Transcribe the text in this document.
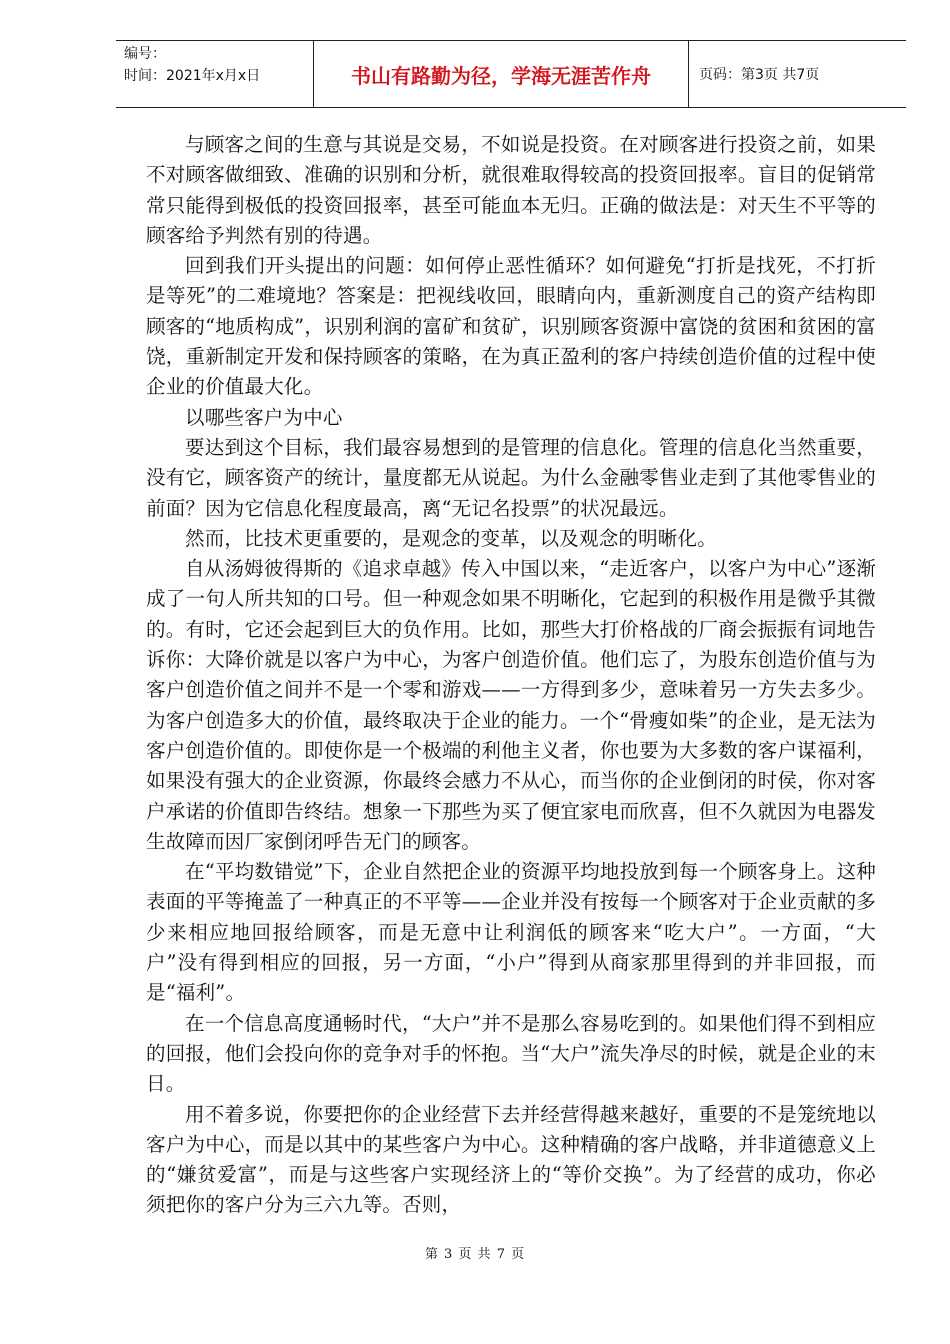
编号：
时间：2021年x月x日	书山有路勤为径，学海无涯苦作舟	页码：第3页 共7页

与顾客之间的生意与其说是交易，不如说是投资。在对顾客进行投资之前，如果不对顾客做细致、准确的识别和分析，就很难取得较高的投资回报率。盲目的促销常常只能得到极低的投资回报率，甚至可能血本无归。正确的做法是：对天生不平等的顾客给予判然有别的待遇。

回到我们开头提出的问题：如何停止恶性循环？如何避免“打折是找死，不打折是等死”的二难境地？答案是：把视线收回，眼睛向内，重新测度自己的资产结构即顾客的“地质构成”，识别利润的富矿和贫矿，识别顾客资源中富饶的贫困和贫困的富饶，重新制定开发和保持顾客的策略，在为真正盈利的客户持续创造价值的过程中使企业的价值最大化。

以哪些客户为中心

要达到这个目标，我们最容易想到的是管理的信息化。管理的信息化当然重要，没有它，顾客资产的统计，量度都无从说起。为什么金融零售业走到了其他零售业的前面？因为它信息化程度最高，离“无记名投票”的状况最远。

然而，比技术更重要的，是观念的变革，以及观念的明晰化。

自从汤姆彼得斯的《追求卓越》传入中国以来，“走近客户，以客户为中心”逐渐成了一句人所共知的口号。但一种观念如果不明晰化，它起到的积极作用是微乎其微的。有时，它还会起到巨大的负作用。比如，那些大打价格战的厂商会振振有词地告诉你：大降价就是以客户为中心，为客户创造价值。他们忘了，为股东创造价值与为客户创造价值之间并不是一个零和游戏——一方得到多少，意味着另一方失去多少。为客户创造多大的价值，最终取决于企业的能力。一个“骨瘦如柴”的企业，是无法为客户创造价值的。即使你是一个极端的利他主义者，你也要为大多数的客户谋福利，如果没有强大的企业资源，你最终会感力不从心，而当你的企业倒闭的时侯，你对客户承诺的价值即告终结。想象一下那些为买了便宜家电而欣喜，但不久就因为电器发生故障而因厂家倒闭呼告无门的顾客。

在“平均数错觉”下，企业自然把企业的资源平均地投放到每一个顾客身上。这种表面的平等掩盖了一种真正的不平等——企业并没有按每一个顾客对于企业贡献的多少来相应地回报给顾客，而是无意中让利润低的顾客来“吃大户”。一方面，“大户”没有得到相应的回报，另一方面，“小户”得到从商家那里得到的并非回报，而是“福利”。

在一个信息高度通畅时代，“大户”并不是那么容易吃到的。如果他们得不到相应的回报，他们会投向你的竞争对手的怀抱。当“大户”流失净尽的时候，就是企业的末日。

用不着多说，你要把你的企业经营下去并经营得越来越好，重要的不是笼统地以客户为中心，而是以其中的某些客户为中心。这种精确的客户战略，并非道德意义上的“嫌贫爱富”，而是与这些客户实现经济上的“等价交换”。为了经营的成功，你必须把你的客户分为三六九等。否则，

第 3 页 共 7 页
